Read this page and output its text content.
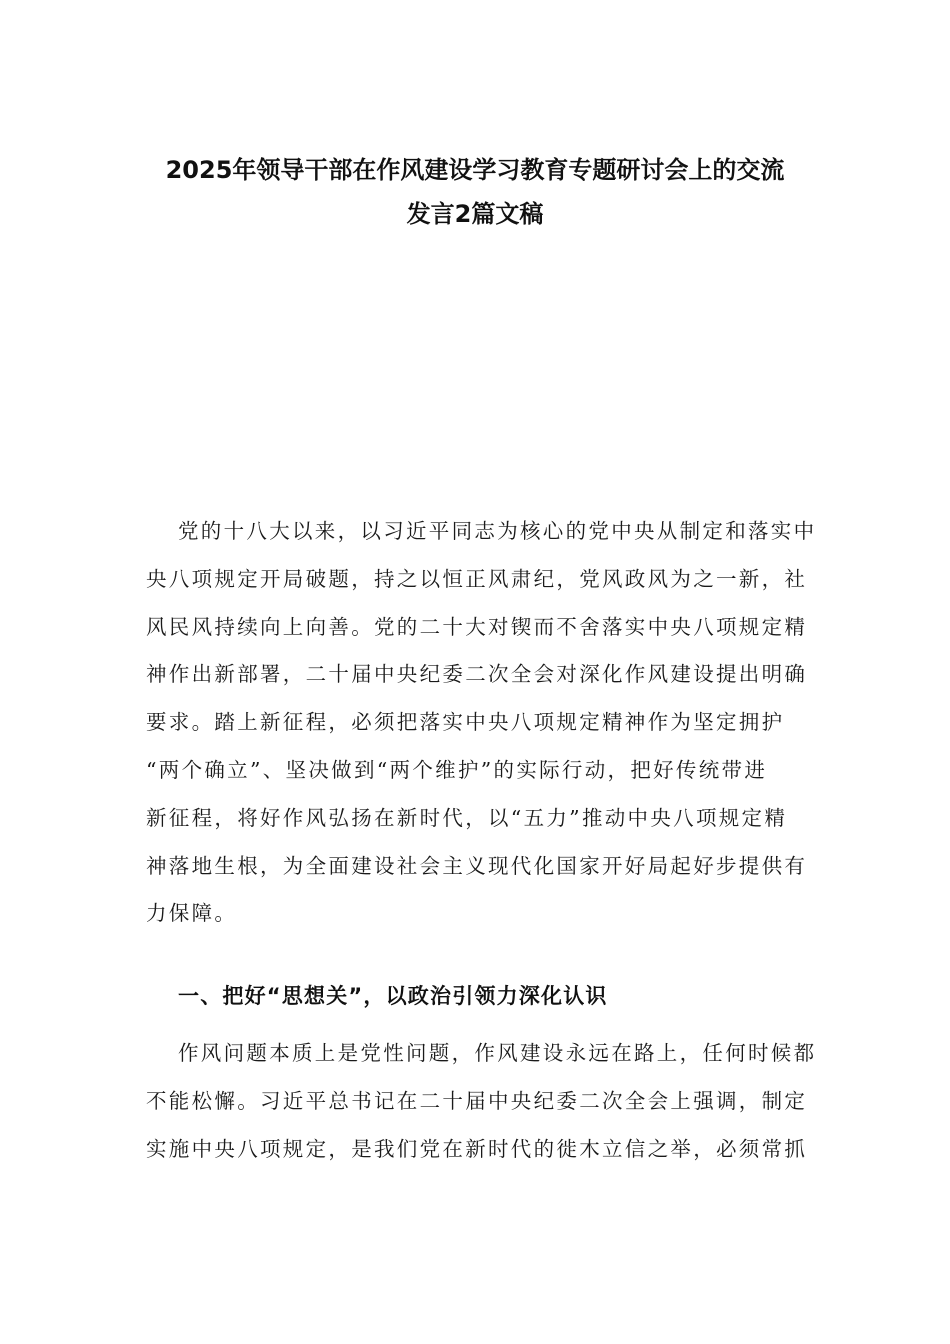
2025年领导干部在作风建设学习教育专题研讨会上的交流
发言2篇文稿
党的十八大以来，以习近平同志为核心的党中央从制定和落实中
央八项规定开局破题，持之以恒正风肃纪，党风政风为之一新，社
风民风持续向上向善。党的二十大对锲而不舍落实中央八项规定精
神作出新部署，二十届中央纪委二次全会对深化作风建设提出明确
要求。踏上新征程，必须把落实中央八项规定精神作为坚定拥护
“两个确立”、坚决做到“两个维护”的实际行动，把好传统带进
新征程，将好作风弘扬在新时代，以“五力”推动中央八项规定精
神落地生根，为全面建设社会主义现代化国家开好局起好步提供有
力保障。
一、把好“思想关”，以政治引领力深化认识
作风问题本质上是党性问题，作风建设永远在路上，任何时候都
不能松懈。习近平总书记在二十届中央纪委二次全会上强调，制定
实施中央八项规定，是我们党在新时代的徙木立信之举，必须常抓
